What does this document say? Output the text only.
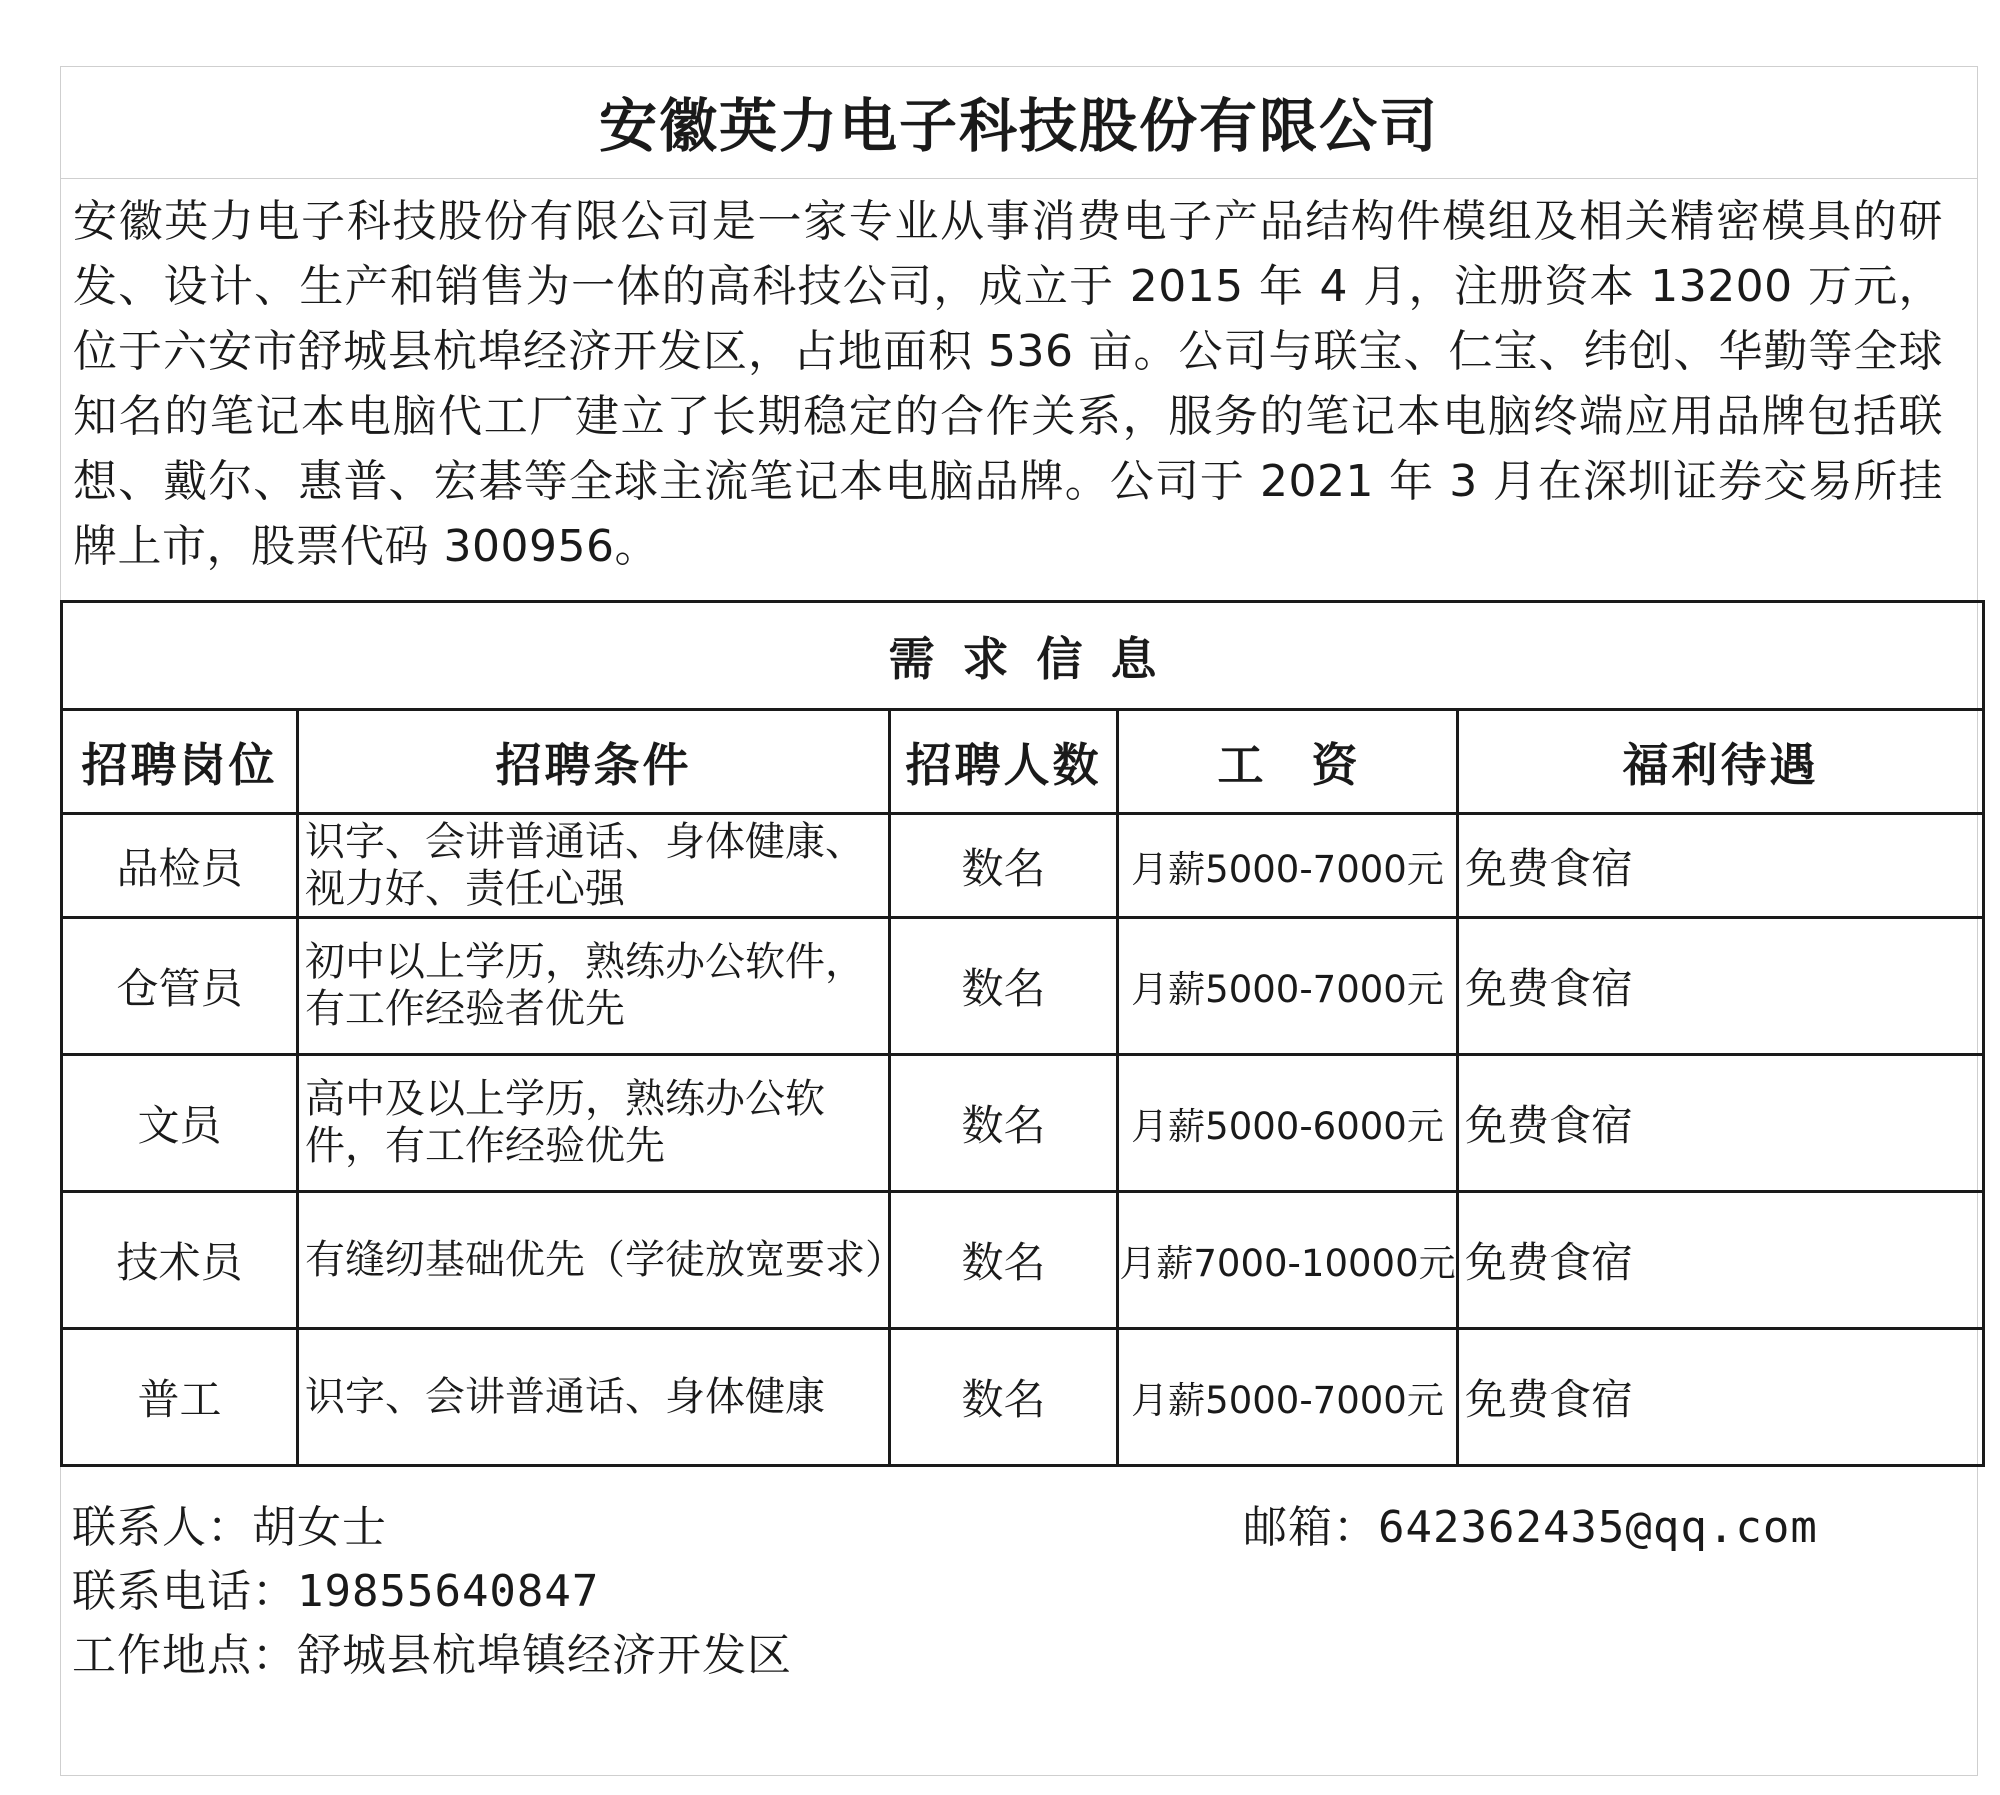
安徽英力电子科技股份有限公司

安徽英力电子科技股份有限公司是一家专业从事消费电子产品结构件模组及相关精密模具的研发、设计、生产和销售为一体的高科技公司，成立于 2015 年 4 月，注册资本 13200 万元，位于六安市舒城县杭埠经济开发区，占地面积 536 亩。公司与联宝、仁宝、纬创、华勤等全球知名的笔记本电脑代工厂建立了长期稳定的合作关系，服务的笔记本电脑终端应用品牌包括联想、戴尔、惠普、宏碁等全球主流笔记本电脑品牌。公司于 2021 年 3 月在深圳证券交易所挂牌上市，股票代码 300956。

需求信息				
招聘岗位	招聘条件	招聘人数	工资	福利待遇
品检员	识字、会讲普通话、身体健康、视力好、责任心强	数名	月薪5000-7000元	免费食宿
仓管员	初中以上学历，熟练办公软件，有工作经验者优先	数名	月薪5000-7000元	免费食宿
文员	高中及以上学历，熟练办公软件，有工作经验优先	数名	月薪5000-6000元	免费食宿
技术员	有缝纫基础优先（学徒放宽要求）	数名	月薪7000-10000元	免费食宿
普工	识字、会讲普通话、身体健康	数名	月薪5000-7000元	免费食宿
联系人：胡女士
联系电话：19855640847
工作地点：舒城县杭埠镇经济开发区
邮箱：642362435@qq.com
